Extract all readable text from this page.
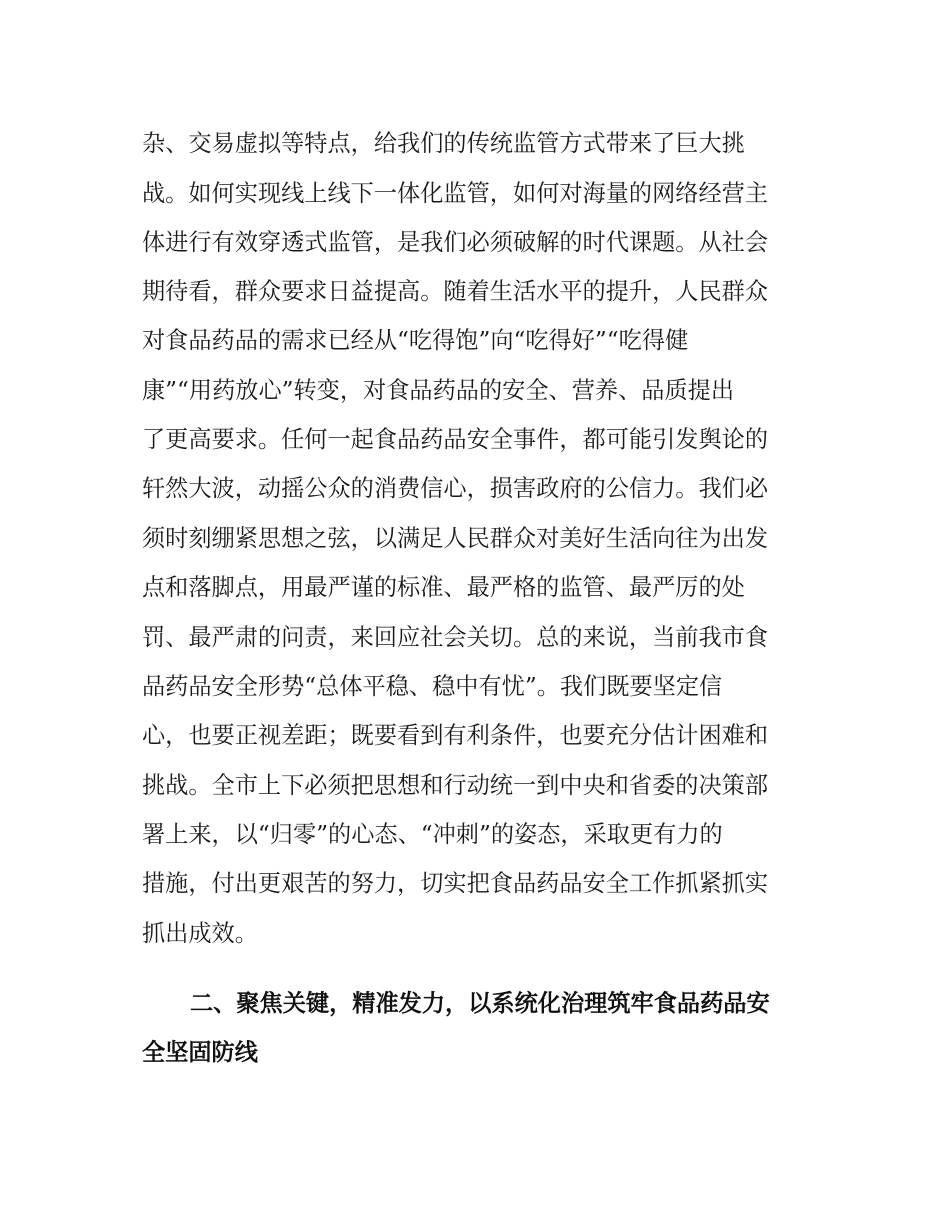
杂、交易虚拟等特点，给我们的传统监管方式带来了巨大挑
战。如何实现线上线下一体化监管，如何对海量的网络经营主
体进行有效穿透式监管，是我们必须破解的时代课题。从社会
期待看，群众要求日益提高。随着生活水平的提升，人民群众
对食品药品的需求已经从“吃得饱”向“吃得好”“吃得健
康”“用药放心”转变，对食品药品的安全、营养、品质提出
了更高要求。任何一起食品药品安全事件，都可能引发舆论的
轩然大波，动摇公众的消费信心，损害政府的公信力。我们必
须时刻绷紧思想之弦，以满足人民群众对美好生活向往为出发
点和落脚点，用最严谨的标准、最严格的监管、最严厉的处
罚、最严肃的问责，来回应社会关切。总的来说，当前我市食
品药品安全形势“总体平稳、稳中有忧”。我们既要坚定信
心，也要正视差距；既要看到有利条件，也要充分估计困难和
挑战。全市上下必须把思想和行动统一到中央和省委的决策部
署上来，以“归零”的心态、“冲刺”的姿态，采取更有力的
措施，付出更艰苦的努力，切实把食品药品安全工作抓紧抓实
抓出成效。
二、聚焦关键，精准发力，以系统化治理筑牢食品药品安
全坚固防线
